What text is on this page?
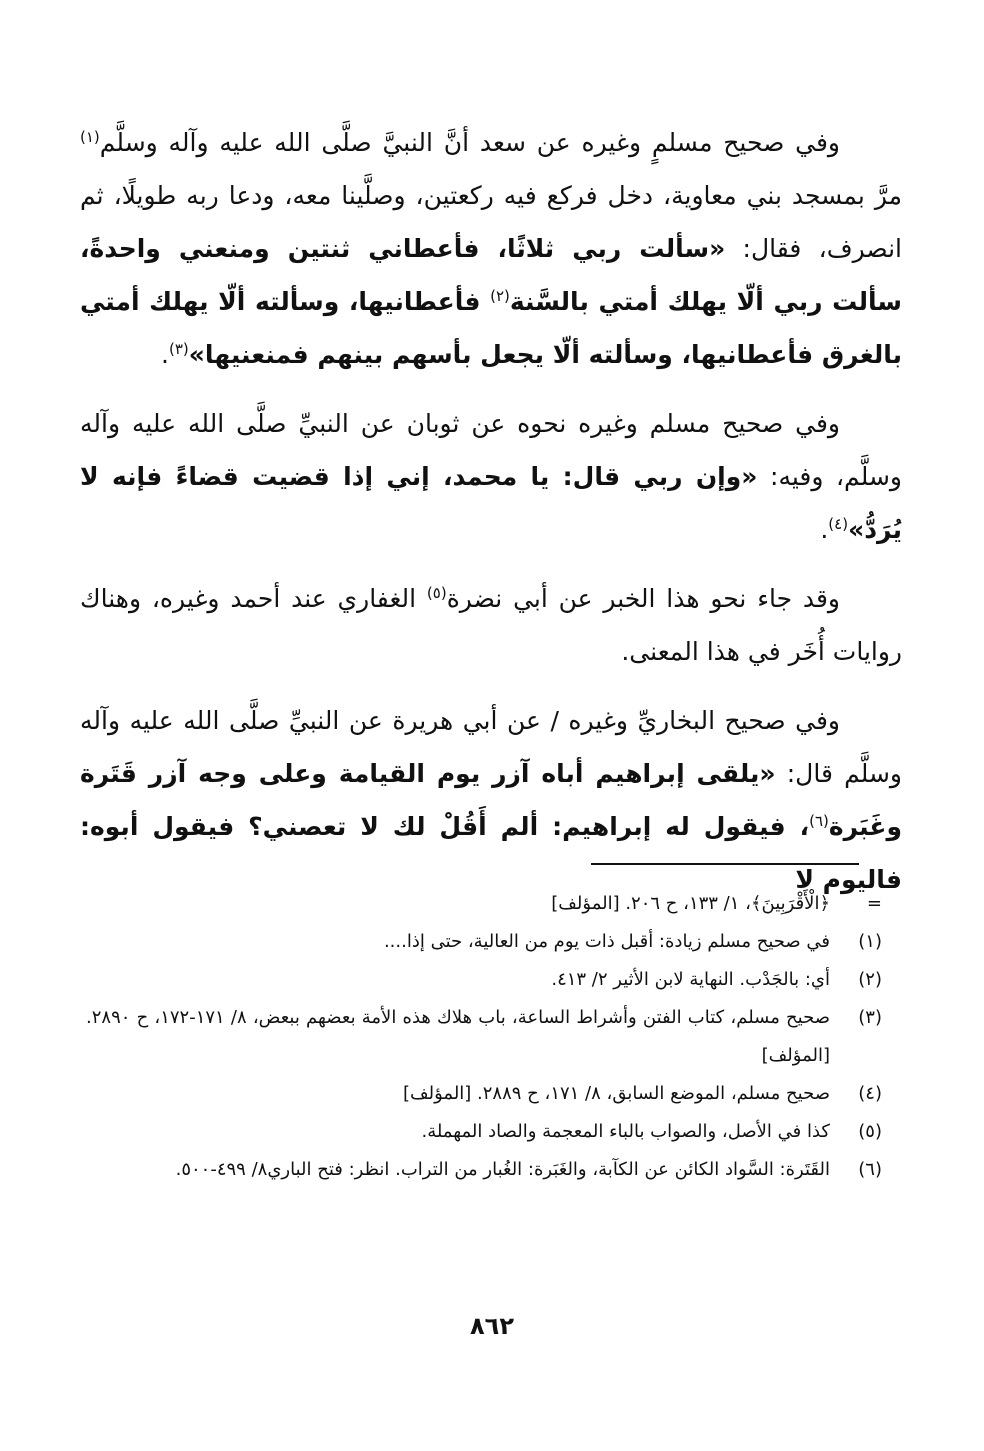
وفي صحيح مسلمٍ وغيره عن سعد أنَّ النبيَّ صلَّى الله عليه وآله وسلَّم$^{(١)}$ مرَّ بمسجد بني معاوية، دخل فركع فيه ركعتين، وصلَّينا معه، ودعا ربه طويلًا، ثم انصرف، فقال: «سألت ربي ثلاثًا، فأعطاني ثنتين ومنعني واحدةً، سألت ربي ألّا يهلك أمتي بالسَّنة$^{(٢)}$ فأعطانيها، وسألته ألّا يهلك أمتي بالغرق فأعطانيها، وسألته ألّا يجعل بأسهم بينهم فمنعنيها»$^{(٣)}$.

وفي صحيح مسلم وغيره نحوه عن ثوبان عن النبيِّ صلَّى الله عليه وآله وسلَّم، وفيه: «وإن ربي قال: يا محمد، إني إذا قضيت قضاءً فإنه لا يُرَدُّ»$^{(٤)}$.

وقد جاء نحو هذا الخبر عن أبي نضرة$^{(٥)}$ الغفاري عند أحمد وغيره، وهناك روايات أُخَر في هذا المعنى.

وفي صحيح البخاريِّ وغيره / عن أبي هريرة عن النبيِّ صلَّى الله عليه وآله وسلَّم قال: «يلقى إبراهيم أباه آزر يوم القيامة وعلى وجه آزر قَتَرة وغَبَرة$^{(٦)}$، فيقول له إبراهيم: ألم أَقُلْ لك لا تعصني؟ فيقول أبوه: فاليوم لا

=
﴿الْأَقْرَبِينَ﴾، ١/ ١٣٣، ح ٢٠٦. [المؤلف]
(١)
في صحيح مسلم زيادة: أقبل ذات يوم من العالية، حتى إذا....
(٢)
أي: بالجَدْب. النهاية لابن الأثير ٢/ ٤١٣.
(٣)
صحيح مسلم، كتاب الفتن وأشراط الساعة، باب هلاك هذه الأمة بعضهم ببعض، ٨/ ١٧١-١٧٢، ح ٢٨٩٠. [المؤلف]
(٤)
صحيح مسلم، الموضع السابق، ٨/ ١٧١، ح ٢٨٨٩. [المؤلف]
(٥)
كذا في الأصل، والصواب بالباء المعجمة والصاد المهملة.
(٦)
القَتَرة: السَّواد الكائن عن الكآبة، والغَبَرة: الغُبار من التراب. انظر: فتح الباري٨/ ٤٩٩-٥٠٠.
٨٦٢
